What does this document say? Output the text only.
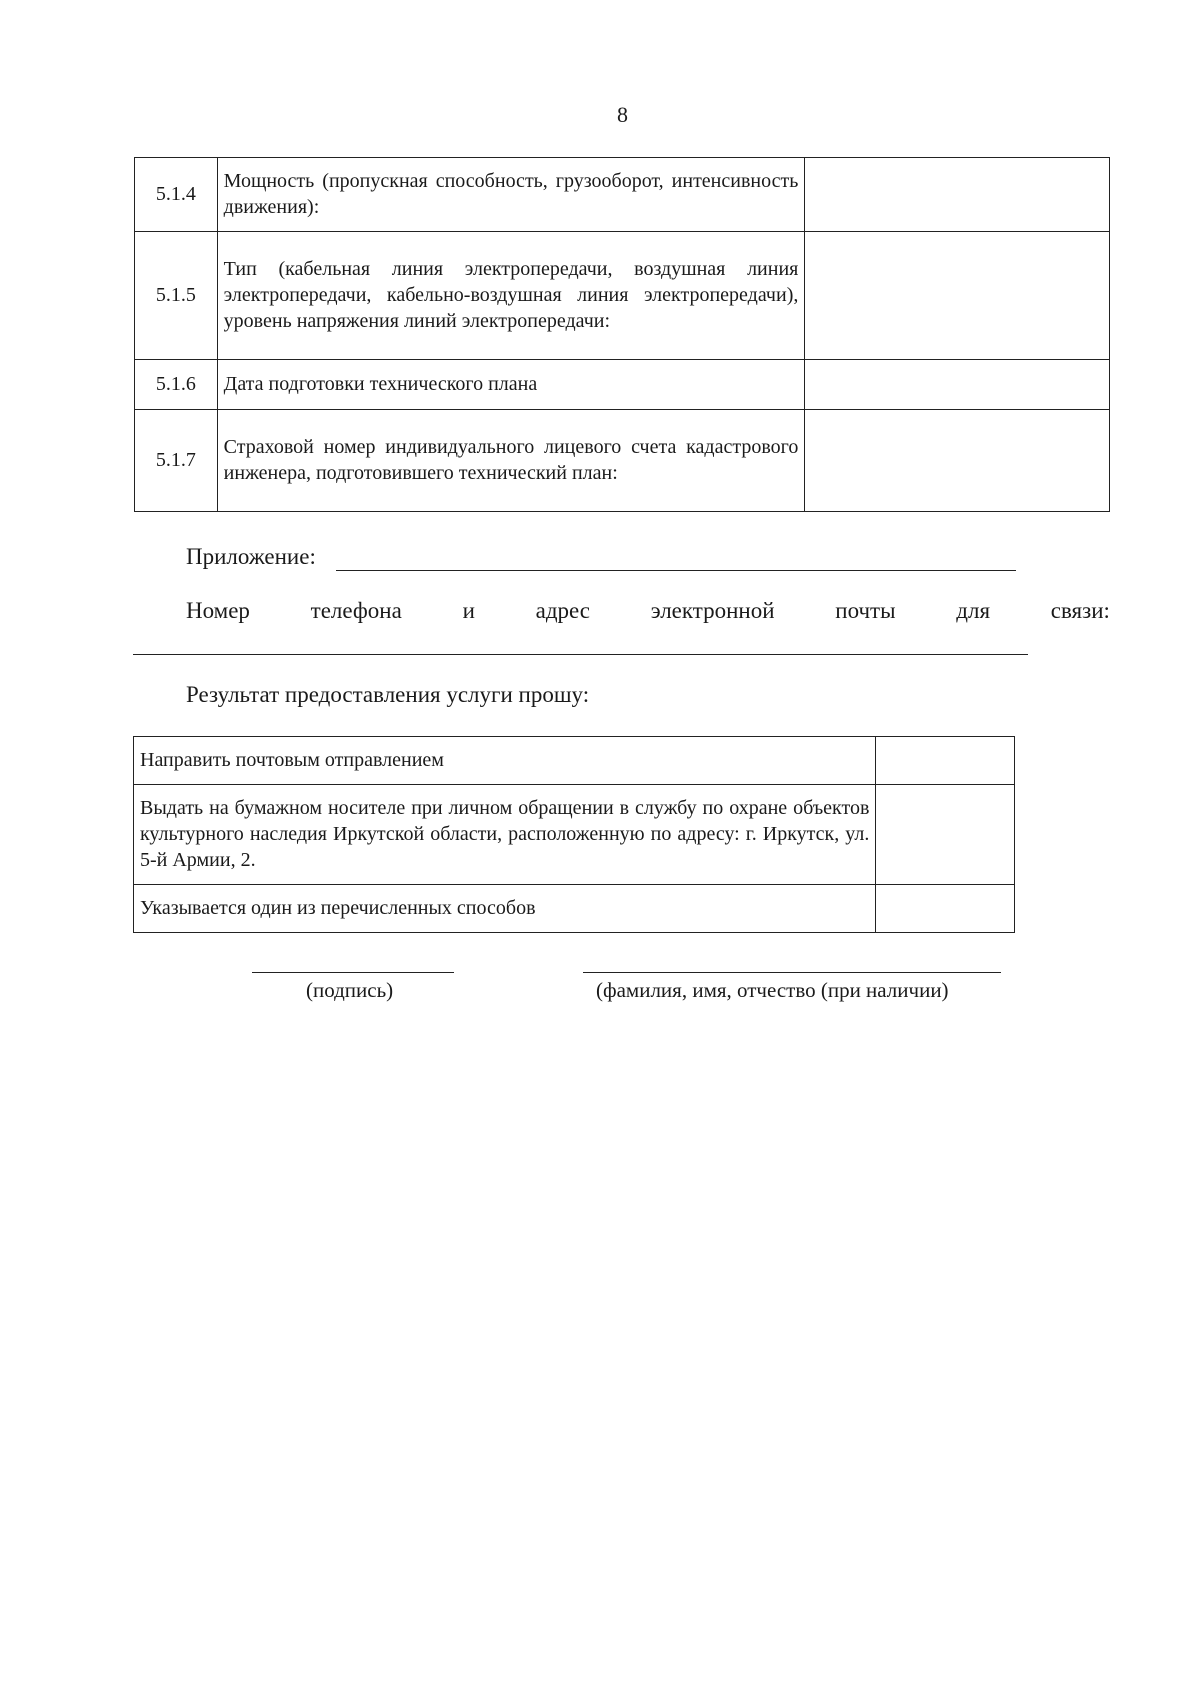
8
5.1.4	Мощность (пропускная способность, грузооборот, интенсивность движения):	
5.1.5	Тип (кабельная линия электропередачи, воздушная линия электропередачи, кабельно-воздушная линия электропередачи), уровень напряжения линий электропередачи:	
5.1.6	Дата подготовки технического плана	
5.1.7	Страховой номер индивидуального лицевого счета кадастрового инженера, подготовившего технический план:	
Приложение:
Номер	телефона	и	адрес	электронной	почты	для	связи:
Результат предоставления услуги прошу:
Направить почтовым отправлением	
Выдать на бумажном носителе при личном обращении в службу по охране объектов культурного наследия Иркутской области, расположенную по адресу: г. Иркутск, ул. 5-й Армии, 2.	
Указывается один из перечисленных способов	
(подпись)	(фамилия, имя, отчество (при наличии)
